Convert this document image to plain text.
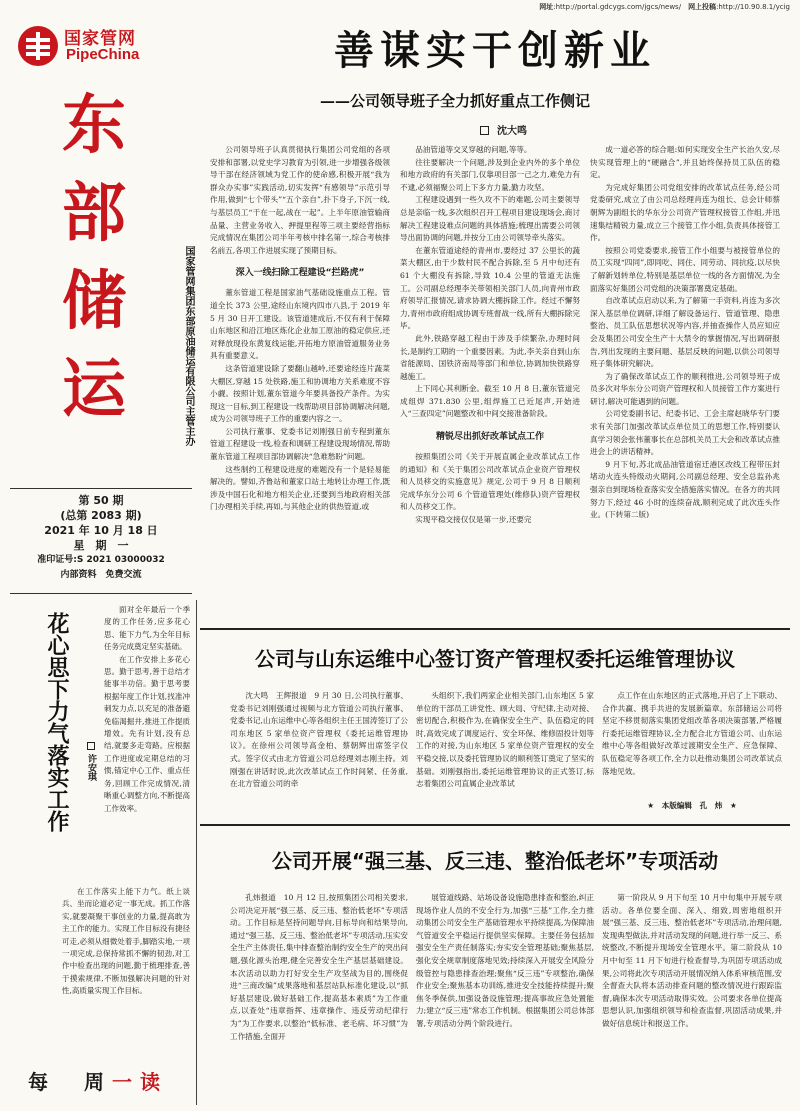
网址:http://portal.gdcygs.com/jgcs/news/　 网上投稿:http://10.90.8.1/ycig
国家管网
PipeChina
东部储运	国家管网集团东部原油储运有限公司主管主办
第 50 期
(总第 2083 期)
2021 年 10 月 18 日
星　期　一
准印证号:S 2021 03000032
内部资料　免费交流
善谋实干创新业
——公司领导班子全力抓好重点工作侧记
沈大鸣

公司领导班子认真贯彻执行集团公司党组的各项安排和部署,以党史学习教育为引领,进一步增强各级领导干部在经济领域为党工作的使命感,积极开展“我为群众办实事”实践活动,切实发挥“有感领导”示范引导作用,做到“七个带头”“五个亲自”,扑下身子,下沉一线,与基层员工“干在一起,战在一起”。上半年原油管输商品量、主营业务收入、押提里程等三项主要经营指标完成情况在集团公司半年考核中排名第一,综合考核排名前五,各项工作进展实现了预期目标。

深入一线扫除工程建设“拦路虎”

董东管道工程是国家油气基础设施重点工程。管道全长 373 公里,途经山东境内四市八县,于 2019 年 5 月 30 日开工建设。该管道建成后,不仅有利于保障山东地区和沿江地区炼化企业加工原油的稳定供应,还对释放现役东黄复线运能,开拓地方原油管道服务业务具有重要意义。

这条管道建设除了要翻山越岭,还要途经连片蔬菜大棚区,穿越 15 处铁路,施工和协调地方关系难度不容小觑。按照计划,董东管道今年要具备投产条件。为实现这一目标,到工程建设一线帮助项目部协调解决问题,成为公司领导班子工作的重要内容之一。

公司执行董事、党委书记刘刚强日前专程到董东管道工程建设一线,检查和调研工程建设现场情况,帮助董东管道工程项目部协调解决“急难愁盼”问题。

这些制约工程建设进度的难题没有一个是轻易能解决的。譬如,齐鲁站和董家口站土地转让办理工作,既涉及中国石化和地方相关企业,还要到当地政府相关部门办理相关手续,再如,与其他企业的供热管道,或

品油管道等交叉穿越的问题,等等。

往往要解决一个问题,涉及到企业内外的多个单位和地方政府的有关部门,仅靠项目部一己之力,难免力有不逮,必须福聚公司上下多方力量,勤力攻坚。

工程建设遇到一些久攻不下的难题,公司主要领导总是亲临一线,多次组织召开工程项目建设现场会,商讨解决工程建设难点问题的具体措施;梳理出需要公司领导出面协调的问题,并按分工由公司领导牵头落实。

在董东管道途经的青州市,要经过 37 公里长的蔬菜大棚区,由于少数村民不配合拆除,至 5 月中旬还有 61 个大棚没有拆除,导致 10.4 公里的管道无法施工。公司副总经理李关带领相关部门人员,向青州市政府领导汇报情况,请求协调大棚拆除工作。经过不懈努力,青州市政府组成协调专班督战一线,所有大棚拆除完毕。

此外,铁路穿越工程由于涉及手续繁杂,办理时间长,是制约工期的一个重要因素。为此,李关亲自到山东省能源局、国铁济南局等部门和单位,协调加快铁路穿越施工。

上下同心其利断金。截至 10 月 8 日,董东管道完成组焊 371.830 公里,组焊施工已近尾声,开始进入“三查四定”问题整改和中间交接准备阶段。

精锐尽出抓好改革试点工作

按照集团公司《关于开展直属企业改革试点工作的通知》和《关于集团公司改革试点企业资产管理权和人员移交的实施意见》规定,公司于 9 月 8 日顺利完成华东分公司 6 个管道管理处(维修队)资产管理权和人员移交工作。

实现平稳交接仅仅是第一步,还要完

成一道必答的综合题:如何实现安全生产长治久安,尽快实现管理上的“硬融合”,并且始终保持员工队伍的稳定。

为完成好集团公司党组安排的改革试点任务,经公司党委研究,成立了由公司总经理肖连为组长、总会计师蔡朝辉为副组长的华东分公司资产管理权接管工作组,并迅速集结精锐力量,成立三个接管工作小组,负责具体接管工作。

按照公司党委要求,接管工作小组要与被接管单位的员工实现“四同”,即同吃、同住、同劳动、同抗疫,以尽快了解新划转单位,特别是基层单位一线的各方面情况,为全面落实好集团公司党组的决策部署奠定基础。

自改革试点启动以来,为了解第一手资料,肖连为多次深入基层单位调研,详细了解设备运行、管道管理、隐患整治、员工队伍思想状况等内容,并抽查操作人员应知应会及集团公司安全生产十大禁令的掌握情况,写出调研报告,列出发现的主要问题、基层反映的问题,以供公司领导班子集体研究解决。

为了确保改革试点工作的顺利推进,公司领导班子成员多次对华东分公司资产管理权和人员接管工作方案进行研讨,解决可能遇到的问题。

公司党委副书记、纪委书记、工会主席赵晓华专门要求有关部门加强改革试点单位员工的思想工作,特别要认真学习领会张伟董事长在总部机关员工大会和改革试点推进会上的讲话精神。

9 月下旬,苏北成品油管道宿迁港区改线工程带压封堵动火连头特级动火期间,公司副总经理、安全总监孙兆强亲自到现场检查落实安全措施落实情况。在各方的共同努力下,经过 46 小时的连续奋战,顺利完成了此次连头作业。(下转第二版)

公司与山东运维中心签订资产管理权委托运维管理协议

沈大鸣　王辉报道　9 月 30 日,公司执行董事、党委书记刘刚强通过视频与北方管道公司执行董事、党委书记,山东运维中心等各组织主任王国涛签订了公司东地区 5 家单位资产管理权《委托运维管理协议》。在徐州公司领导高金柏、蔡朝辉出席签字仪式。签字仪式由北方管道公司总经理刘志刚主持。刘刚强在讲话时说,此次改革试点工作时间紧、任务重,在北方管道公司的牵

头组织下,我们两家企业相关部门,山东地区 5 家单位的干部员工讲党性、顾大局、守纪律,主动对接、密切配合,积极作为,在确保安全生产、队伍稳定的同时,高效完成了调度运行、安全环保、维修固投计划等工作的对接,为山东地区 5 家单位资产管理权的安全平稳交接,以及委托管理协议的顺利签订奠定了坚实的基础。刘刚强指出,委托运维管理协议的正式签订,标志着集团公司直属企业改革试

点工作在山东地区的正式落地,开启了上下联动、合作共赢、携手共进的发展新篇章。东部储运公司将坚定不移贯彻落实集团党组改革各项决策部署,严格履行委托运维管理协议,全力配合北方管道公司、山东运维中心等各组做好改革过渡期安全生产、应急保障、队伍稳定等各项工作,全力以赴推动集团公司改革试点落地见效。

★　本版编辑　孔　炜　★
公司开展“强三基、反三违、整治低老坏”专项活动

孔炜报道　10 月 12 日,按照集团公司相关要求,公司决定开展“强三基、反三违、整治低老坏”专项活动。工作目标是坚持问题导向,目标导向和结果导向,通过“强三基、反三违、整治低老坏”专项活动,压实安全生产主体责任,集中排查整治制约安全生产的突出问题,强化源头治理,健全完善安全生产基层基础建设。本次活动以助力打好安全生产攻坚战为目的,围绕促进“三商改编”成果落地和基层站队标准化建设,以“抓好基层建设,做好基础工作,提高基本素质”为工作重点,以查处“违章指挥、违章操作、违反劳动纪律行为”为工作要求,以整治“低标准、老毛病、坏习惯”为工作措施,全面开

展管道线路、站场设备设施隐患排查和整治,纠正现场作业人员的不安全行为,加强“三基”工作,全力推动集团公司安全生产基础管理水平持续提高,为保障油气管道安全平稳运行提供坚实保障。主要任务包括加强安全生产责任制落实;夯实安全管理基础;聚焦基层,强化安全规章制度落地见效;持续深入开展安全风险分级管控与隐患排查治理;聚焦“反三违”专项整治,确保作业安全;聚焦基本功训练,推进安全技能持续提升;聚焦冬季保供,加强设备设施管理;提高事故应急处置能力;建立“反三违”常态工作机制。根据集团公司总体部署,专项活动分两个阶段进行。

第一阶段从 9 月下旬至 10 月中旬集中开展专项活动。各单位要全面、深入、细致,周密地组织开展“强三基、反三违、整治低老坏”专项活动,治理问题,发现典型做法,并对活动发现的问题,进行举一反三、系统整改,不断提升现场安全管理水平。第二阶段从 10 月中旬至 11 月下旬进行检查督导,为巩固专项活动成果,公司将此次专项活动开展情况纳入体系审核范围,安全督查大队将本活动排查问题的整改情况进行跟踪监督,确保本次专项活动取得实效。公司要求各单位提高思想认识,加强组织领导和检查监督,巩固活动成果,并做好信息统计和报送工作。

花心思下力气落实工作 许安琪

面对全年最后一个季度的工作任务,应多花心思、能下力气,为全年目标任务完成奠定坚实基础。

在工作安排上多花心思。勤于思考,善于总结才能事半功倍。勤于思考要根据年度工作计划,找准冲刺发力点,以充足的准备避免临渴掘井,推进工作提质增效。先有计划,没有总结,就要多走弯路。应根据工作进度或定期总结的习惯,锚定中心工作、重点任务,回顾工作完成情况,清晰重心调整方向,不断提高工作效率。

在工作落实上能下力气。纸上谈兵、坐而论道必定一事无成。抓工作落实,就要凝聚干事创业的力量,提高敢为主工作的能力。实现工作目标没有捷径可走,必须从细微处着手,脚踏实地,一项一项完成,总保持常抓不懈的韧劲,对工作中检查出现的问题,勤于梳理排查,善于摸索规律,不断加强解决问题的针对性,高质量实现工作目标。

每　周一读
